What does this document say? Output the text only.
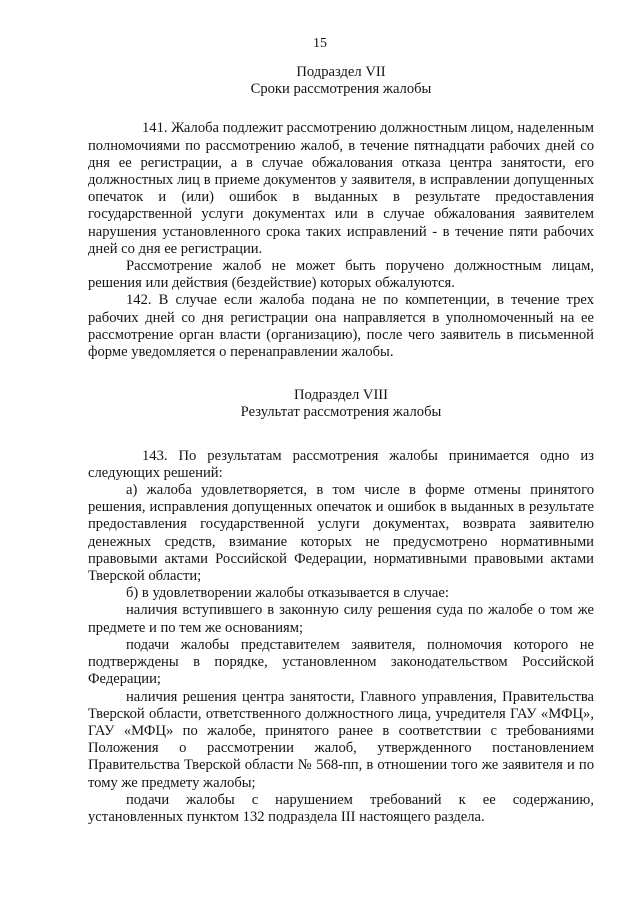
15
Подраздел VII
Сроки рассмотрения жалобы

141. Жалоба подлежит рассмотрению должностным лицом, наделенным полномочиями по рассмотрению жалоб, в течение пятнадцати рабочих дней со дня ее регистрации, а в случае обжалования отказа центра занятости, его должностных лиц в приеме документов у заявителя, в исправлении допущенных опечаток и (или) ошибок в выданных в результате предоставления государственной услуги документах или в случае обжалования заявителем нарушения установленного срока таких исправлений - в течение пяти рабочих дней со дня ее регистрации.

Рассмотрение жалоб не может быть поручено должностным лицам, решения или действия (бездействие) которых обжалуются.

142. В случае если жалоба подана не по компетенции, в течение трех рабочих дней со дня регистрации она направляется в уполномоченный на ее рассмотрение орган власти (организацию), после чего заявитель в письменной форме уведомляется о перенаправлении жалобы.

Подраздел VIII
Результат рассмотрения жалобы

143. По результатам рассмотрения жалобы принимается одно из следующих решений:

а) жалоба удовлетворяется, в том числе в форме отмены принятого решения, исправления допущенных опечаток и ошибок в выданных в результате предоставления государственной услуги документах, возврата заявителю денежных средств, взимание которых не предусмотрено нормативными правовыми актами Российской Федерации, нормативными правовыми актами Тверской области;

б) в удовлетворении жалобы отказывается в случае:

наличия вступившего в законную силу решения суда по жалобе о том же предмете и по тем же основаниям;

подачи жалобы представителем заявителя, полномочия которого не подтверждены в порядке, установленном законодательством Российской Федерации;

наличия решения центра занятости, Главного управления, Правительства Тверской области, ответственного должностного лица, учредителя ГАУ «МФЦ», ГАУ «МФЦ» по жалобе, принятого ранее в соответствии с требованиями Положения о рассмотрении жалоб, утвержденного постановлением Правительства Тверской области № 568-пп, в отношении того же заявителя и по тому же предмету жалобы;

подачи жалобы с нарушением требований к ее содержанию, установленных пунктом 132 подраздела III настоящего раздела.
